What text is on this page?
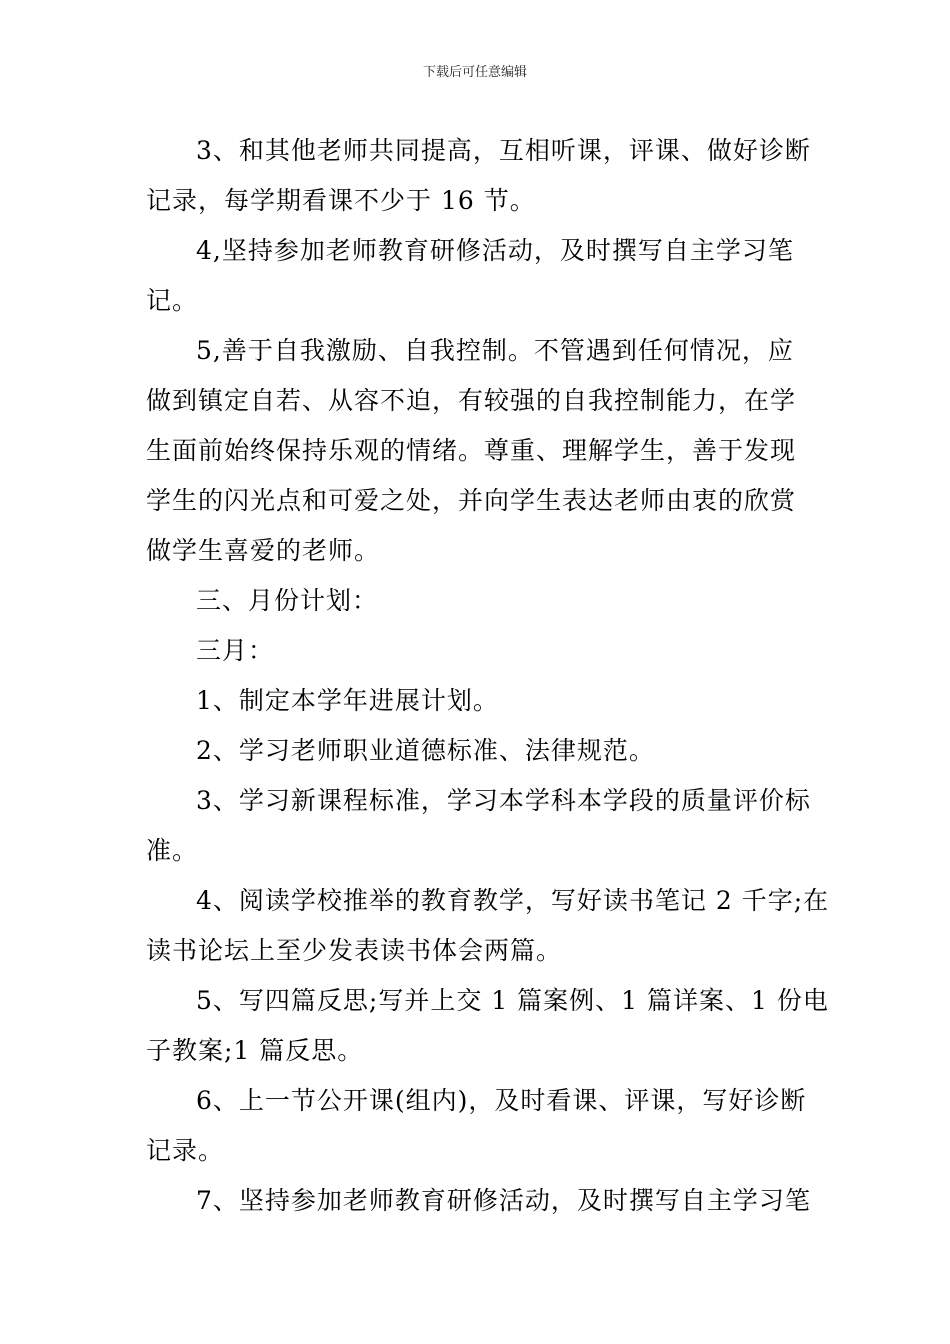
下载后可任意编辑
3、和其他老师共同提高，互相听课，评课、做好诊断
记录，每学期看课不少于 16 节。
4,坚持参加老师教育研修活动，及时撰写自主学习笔
记。
5,善于自我激励、自我控制。不管遇到任何情况，应
做到镇定自若、从容不迫，有较强的自我控制能力，在学
生面前始终保持乐观的情绪。尊重、理解学生，善于发现
学生的闪光点和可爱之处，并向学生表达老师由衷的欣赏
做学生喜爱的老师。
三、月份计划：
三月：
1、制定本学年进展计划。
2、学习老师职业道德标准、法律规范。
3、学习新课程标准，学习本学科本学段的质量评价标
准。
4、阅读学校推举的教育教学，写好读书笔记 2 千字;在
读书论坛上至少发表读书体会两篇。
5、写四篇反思;写并上交 1 篇案例、1 篇详案、1 份电
子教案;1 篇反思。
6、上一节公开课(组内)，及时看课、评课，写好诊断
记录。
7、坚持参加老师教育研修活动，及时撰写自主学习笔
